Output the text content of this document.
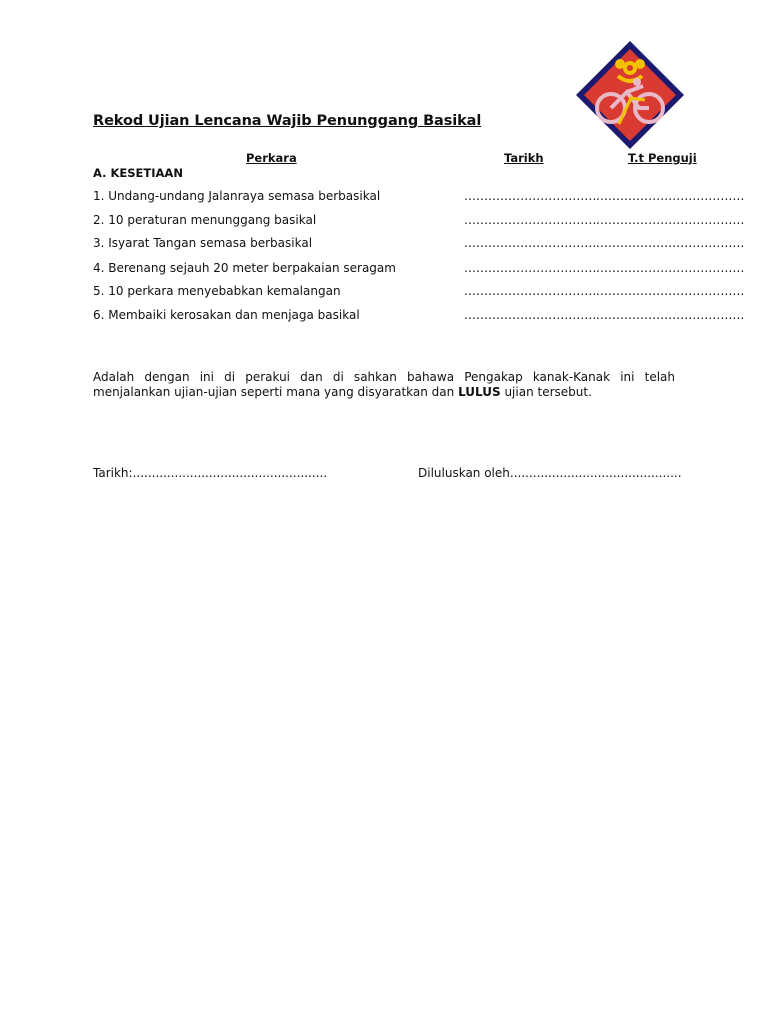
Rekod Ujian Lencana Wajib Penunggang Basikal
Perkara	Tarikh	T.t Penguji
A. KESETIAAN
1. Undang-undang Jalanraya semasa berbasikal	................................. .....................................
2. 10 peraturan menunggang basikal	................................. .....................................
3. Isyarat Tangan semasa berbasikal	................................. .....................................
4. Berenang sejauh 20 meter berpakaian seragam	................................. .....................................
5. 10 perkara menyebabkan kemalangan	................................. .....................................
6. Membaiki kerosakan dan menjaga basikal	................................. .....................................
Adalah dengan ini di perakui dan di sahkan bahawa Pengakap kanak-Kanak ini telah menjalankan ujian-ujian seperti mana yang disyaratkan dan LULUS ujian tersebut.
Tarikh:...................................................	Diluluskan oleh.............................................
